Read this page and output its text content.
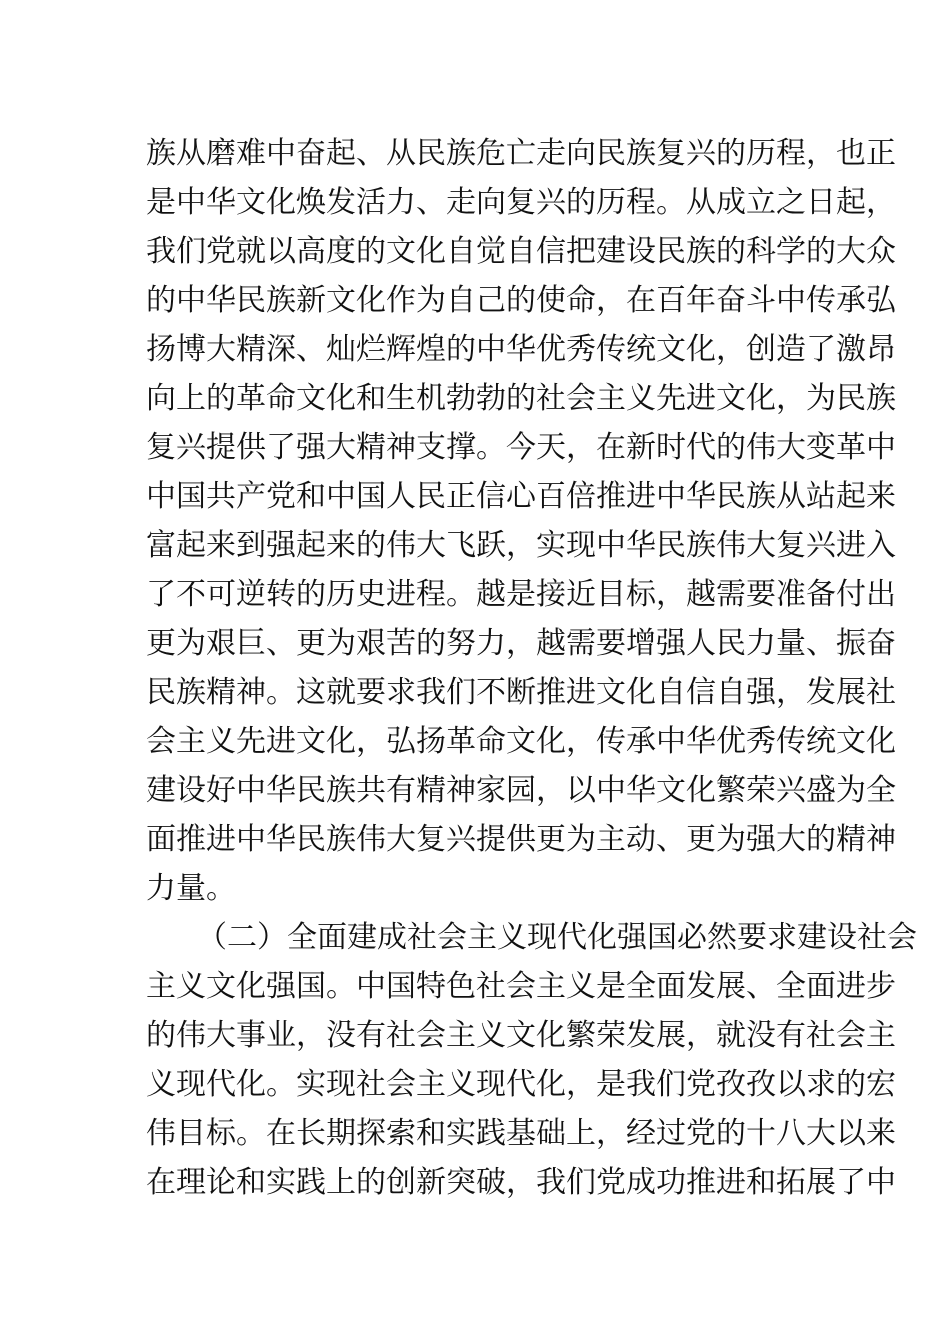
族从磨难中奋起、从民族危亡走向民族复兴的历程，也正
是中华文化焕发活力、走向复兴的历程。从成立之日起，
我们党就以高度的文化自觉自信把建设民族的科学的大众
的中华民族新文化作为自己的使命，在百年奋斗中传承弘
扬博大精深、灿烂辉煌的中华优秀传统文化，创造了激昂
向上的革命文化和生机勃勃的社会主义先进文化，为民族
复兴提供了强大精神支撑。今天，在新时代的伟大变革中
中国共产党和中国人民正信心百倍推进中华民族从站起来
富起来到强起来的伟大飞跃，实现中华民族伟大复兴进入
了不可逆转的历史进程。越是接近目标，越需要准备付出
更为艰巨、更为艰苦的努力，越需要增强人民力量、振奋
民族精神。这就要求我们不断推进文化自信自强，发展社
会主义先进文化，弘扬革命文化，传承中华优秀传统文化
建设好中华民族共有精神家园，以中华文化繁荣兴盛为全
面推进中华民族伟大复兴提供更为主动、更为强大的精神
力量。
（二）全面建成社会主义现代化强国必然要求建设社会
主义文化强国。中国特色社会主义是全面发展、全面进步
的伟大事业，没有社会主义文化繁荣发展，就没有社会主
义现代化。实现社会主义现代化，是我们党孜孜以求的宏
伟目标。在长期探索和实践基础上，经过党的十八大以来
在理论和实践上的创新突破，我们党成功推进和拓展了中
